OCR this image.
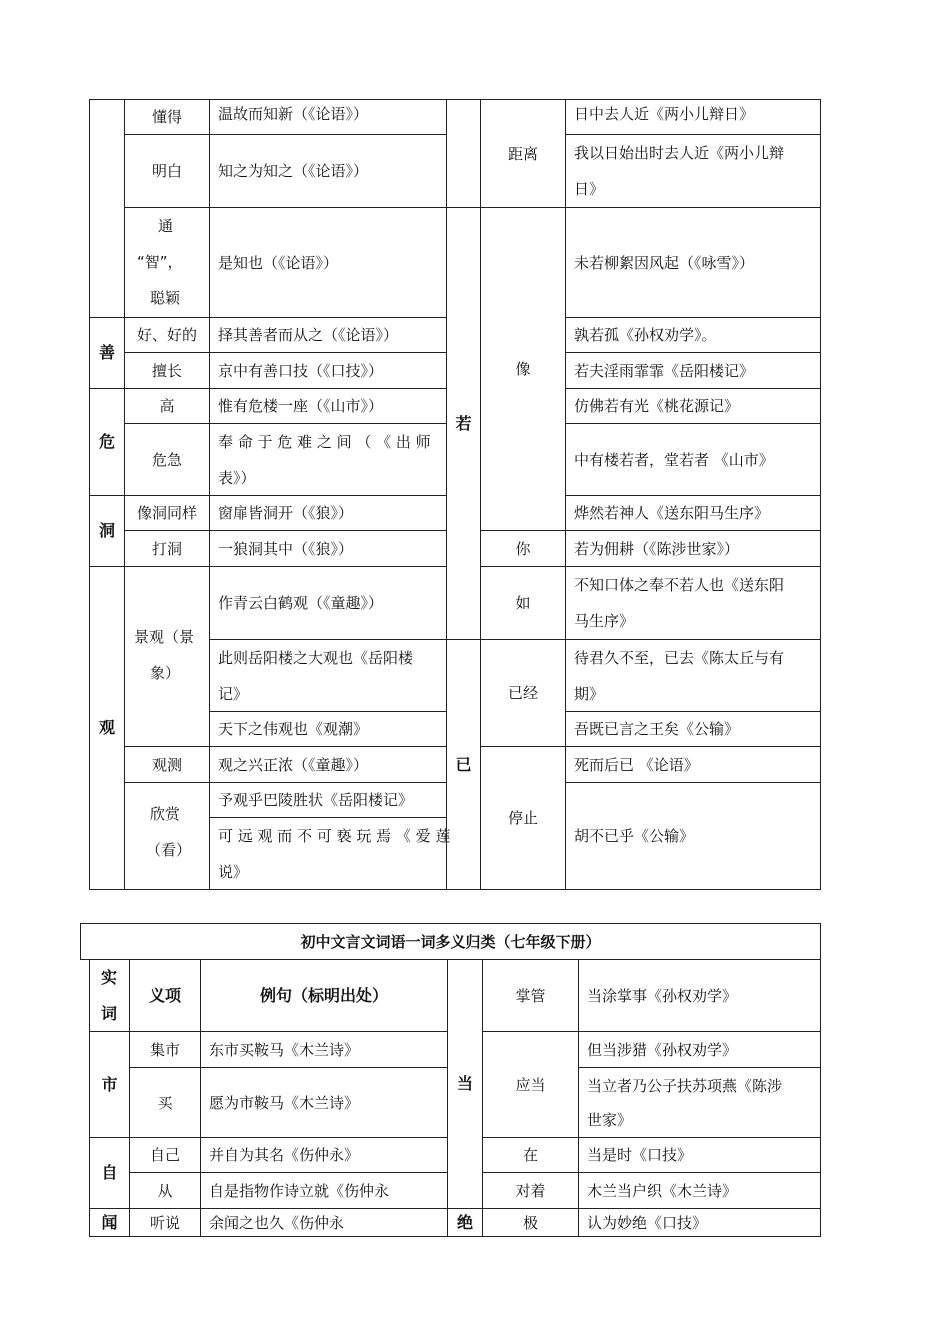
善
危
洞
观
懂得
明白
通
“智”，
聪颖
好、好的
擅长
高
危急
像洞同样
打洞
景观（景
象）
观测
欣赏
（看）
温故而知新（《论语》）
知之为知之（《论语》）
是知也（《论语》）
择其善者而从之（《论语》）
京中有善口技（《口技》）
惟有危楼一座（《山市》）
奉 命 于 危 难 之 间 （ 《 出 师
表》）
窗扉皆洞开（《狼》）
一狼洞其中（《狼》）
作青云白鹤观（《童趣》）
此则岳阳楼之大观也《岳阳楼
记》
天下之伟观也《观潮》
观之兴正浓（《童趣》）
予观乎巴陵胜状《岳阳楼记》
可 远 观 而 不 可 亵 玩 焉 《 爱 莲
说》
若
已
距离
像
你
如
已经
停止
日中去人近《两小儿辩日》
我以日始出时去人近《两小儿辩
日》
未若柳絮因风起（《咏雪》）
孰若孤《孙权劝学》。
若夫淫雨霏霏《岳阳楼记》
仿佛若有光《桃花源记》
中有楼若者，堂若者 《山市》
烨然若神人《送东阳马生序》
若为佣耕（《陈涉世家》）
不知口体之奉不若人也《送东阳
马生序》
待君久不至，已去《陈太丘与有
期》
吾既已言之王矣《公输》
死而后已 《论语》
胡不已乎《公输》
初中文言文词语一词多义归类（七年级下册）
实
词
义项	例句（标明出处）
市
自
闻
集市
买
自己
从
听说
东市买鞍马《木兰诗》
愿为市鞍马《木兰诗》
并自为其名《伤仲永》
自是指物作诗立就《伤仲永
余闻之也久《伤仲永
当
绝
掌管
应当
在
对着
极
当涂掌事《孙权劝学》
但当涉猎《孙权劝学》
当立者乃公子扶苏项燕《陈涉
世家》
当是时《口技》
木兰当户织《木兰诗》
认为妙绝《口技》
